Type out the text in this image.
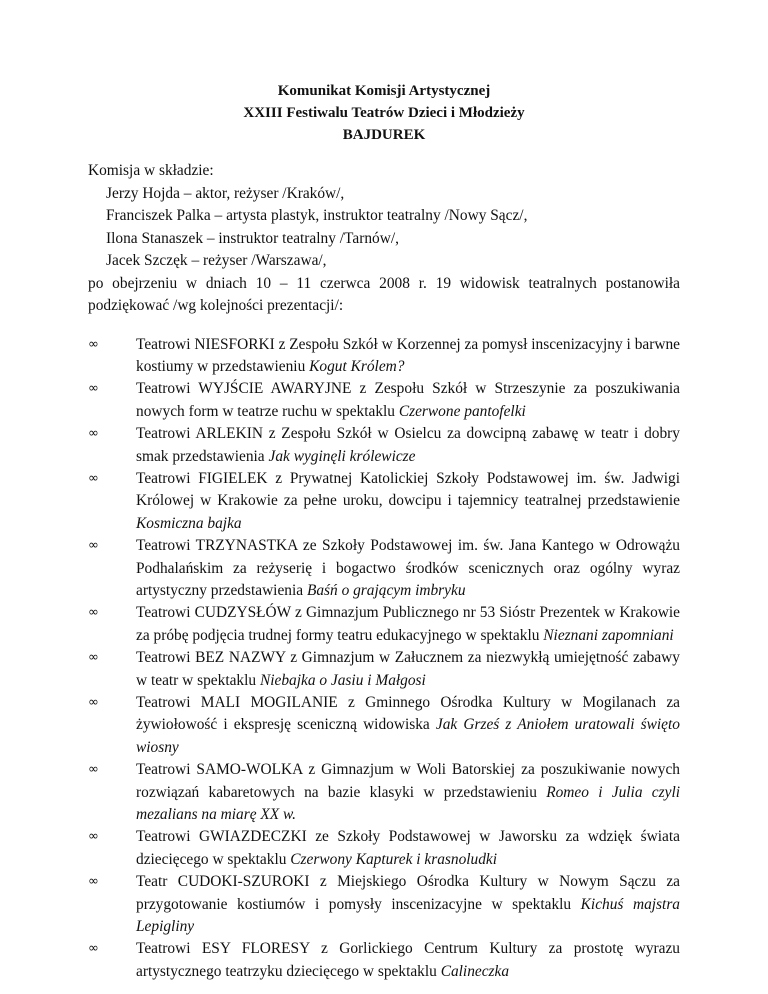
Komunikat Komisji Artystycznej
XXIII Festiwalu Teatrów Dzieci i Młodzieży
BAJDUREK
Komisja w składzie:
Jerzy Hojda – aktor, reżyser /Kraków/,
Franciszek Palka – artysta plastyk, instruktor teatralny /Nowy Sącz/,
Ilona Stanaszek – instruktor teatralny /Tarnów/,
Jacek Szczęk – reżyser /Warszawa/,
po obejrzeniu w dniach 10 – 11 czerwca 2008 r. 19 widowisk teatralnych postanowiła podziękować /wg kolejności prezentacji/:
∞	Teatrowi NIESFORKI z Zespołu Szkół w Korzennej za pomysł inscenizacyjny i barwne kostiumy w przedstawieniu Kogut Królem?
∞	Teatrowi WYJŚCIE AWARYJNE z Zespołu Szkół w Strzeszynie za poszukiwania nowych form w teatrze ruchu w spektaklu Czerwone pantofelki
∞	Teatrowi ARLEKIN z Zespołu Szkół w Osielcu za dowcipną zabawę w teatr i dobry smak przedstawienia Jak wyginęli królewicze
∞	Teatrowi FIGIELEK z Prywatnej Katolickiej Szkoły Podstawowej im. św. Jadwigi Królowej w Krakowie za pełne uroku, dowcipu i tajemnicy teatralnej przedstawienie Kosmiczna bajka
∞	Teatrowi TRZYNASTKA ze Szkoły Podstawowej im. św. Jana Kantego w Odrowążu Podhalańskim za reżyserię i bogactwo środków scenicznych oraz ogólny wyraz artystyczny przedstawienia Baśń o grającym imbryku
∞	Teatrowi CUDZYSŁÓW z Gimnazjum Publicznego nr 53 Sióstr Prezentek w Krakowie za próbę podjęcia trudnej formy teatru edukacyjnego w spektaklu Nieznani zapomniani
∞	Teatrowi BEZ NAZWY z Gimnazjum w Załucznem za niezwykłą umiejętność zabawy w teatr w spektaklu Niebajka o Jasiu i Małgosi
∞	Teatrowi MALI MOGILANIE z Gminnego Ośrodka Kultury w Mogilanach za żywiołowość i ekspresję sceniczną widowiska Jak Grześ z Aniołem uratowali święto wiosny
∞	Teatrowi SAMO-WOLKA z Gimnazjum w Woli Batorskiej za poszukiwanie nowych rozwiązań kabaretowych na bazie klasyki w przedstawieniu Romeo i Julia czyli mezalians na miarę XX w.
∞	Teatrowi GWIAZDECZKI ze Szkoły Podstawowej w Jaworsku za wdzięk świata dziecięcego w spektaklu Czerwony Kapturek i krasnoludki
∞	Teatr CUDOKI-SZUROKI z Miejskiego Ośrodka Kultury w Nowym Sączu za przygotowanie kostiumów i pomysły inscenizacyjne w spektaklu Kichuś majstra Lepigliny
∞	Teatrowi ESY FLORESY z Gorlickiego Centrum Kultury za prostotę wyrazu artystycznego teatrzyku dziecięcego w spektaklu Calineczka
